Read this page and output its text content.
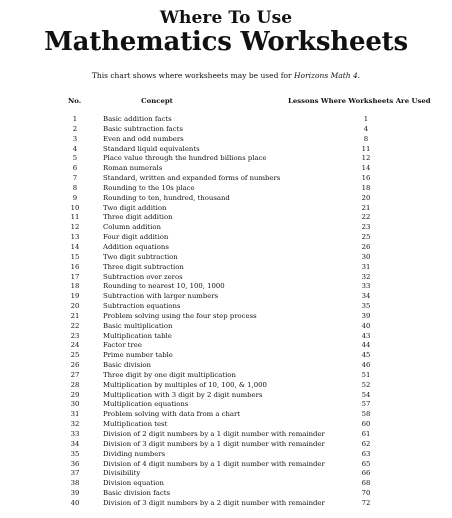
Where To Use
Mathematics Worksheets
This chart shows where worksheets may be used for Horizons Math 4.
No.	Concept	Lessons Where Worksheets Are Used
1	Basic addition facts	1
2	Basic subtraction facts	4
3	Even and odd numbers	8
4	Standard liquid equivalents	11
5	Place value through the hundred billions place	12
6	Roman numerals	14
7	Standard, written and expanded forms of numbers	16
8	Rounding to the 10s place	18
9	Rounding to ten, hundred, thousand	20
10	Two digit addition	21
11	Three digit addition	22
12	Column addition	23
13	Four digit addition	25
14	Addition equations	26
15	Two digit subtraction	30
16	Three digit subtraction	31
17	Subtraction over zeros	32
18	Rounding to nearest 10, 100, 1000	33
19	Subtraction with larger numbers	34
20	Subtraction equations	35
21	Problem solving using the four step process	39
22	Basic multiplication	40
23	Multiplication table	43
24	Factor tree	44
25	Prime number table	45
26	Basic division	46
27	Three digit by one digit multiplication	51
28	Multiplication by multiples of 10, 100, & 1,000	52
29	Multiplication with 3 digit by 2 digit numbers	54
30	Multiplication equations	57
31	Problem solving with data from a chart	58
32	Multiplication test	60
33	Division of 2 digit numbers by a 1 digit number with remainder	61
34	Division of 3 digit numbers by a 1 digit number with remainder	62
35	Dividing numbers	63
36	Division of 4 digit numbers by a 1 digit number with remainder	65
37	Divisibility	66
38	Division equation	68
39	Basic division facts	70
40	Division of 3 digit numbers by a 2 digit number with remainder	72
